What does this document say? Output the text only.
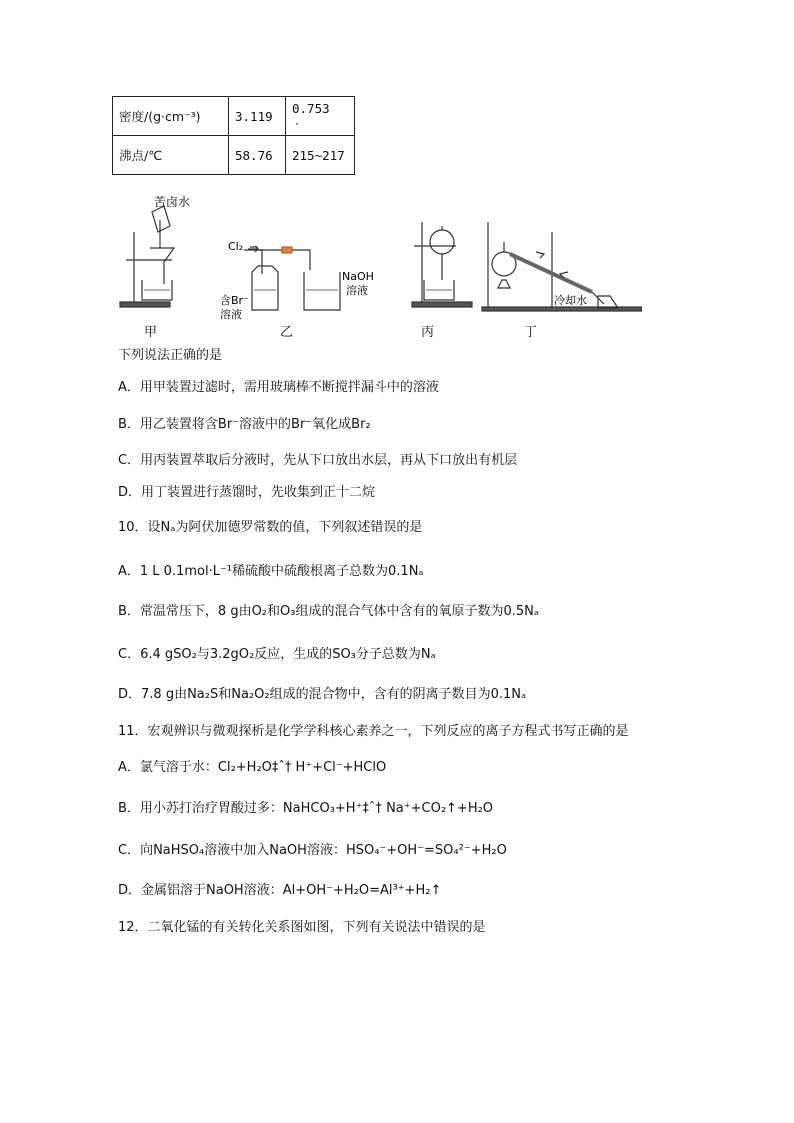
密度/(g·cm⁻³)	3.119	0.753
·

沸点/℃	58.76	215~217
苦卤水
Cl₂
NaOH
溶液
含Br⁻
溶液
冷却水
甲	乙	丙	丁
下列说法正确的是
A．用甲装置过滤时，需用玻璃棒不断搅拌漏斗中的溶液
B．用乙装置将含Br⁻溶液中的Br⁻氧化成Br₂
C．用丙装置萃取后分液时，先从下口放出水层，再从下口放出有机层
D．用丁装置进行蒸馏时，先收集到正十二烷
10．设Nₐ为阿伏加德罗常数的值，下列叙述错误的是
A．1 L 0.1mol·L⁻¹稀硫酸中硫酸根离子总数为0.1Nₐ
B．常温常压下，8 g由O₂和O₃组成的混合气体中含有的氧原子数为0.5Nₐ
C．6.4 gSO₂与3.2gO₂反应，生成的SO₃分子总数为Nₐ
D．7.8 g由Na₂S和Na₂O₂组成的混合物中，含有的阴离子数目为0.1Nₐ
11．宏观辨识与微观探析是化学学科核心素养之一，下列反应的离子方程式书写正确的是
A．氯气溶于水：Cl₂+H₂O‡ˆ† H⁺+Cl⁻+HClO
B．用小苏打治疗胃酸过多：NaHCO₃+H⁺‡ˆ† Na⁺+CO₂↑+H₂O
C．向NaHSO₄溶液中加入NaOH溶液：HSO₄⁻+OH⁻=SO₄²⁻+H₂O
D．金属铝溶于NaOH溶液：Al+OH⁻+H₂O=Al³⁺+H₂↑
12．二氧化锰的有关转化关系图如图，下列有关说法中错误的是
